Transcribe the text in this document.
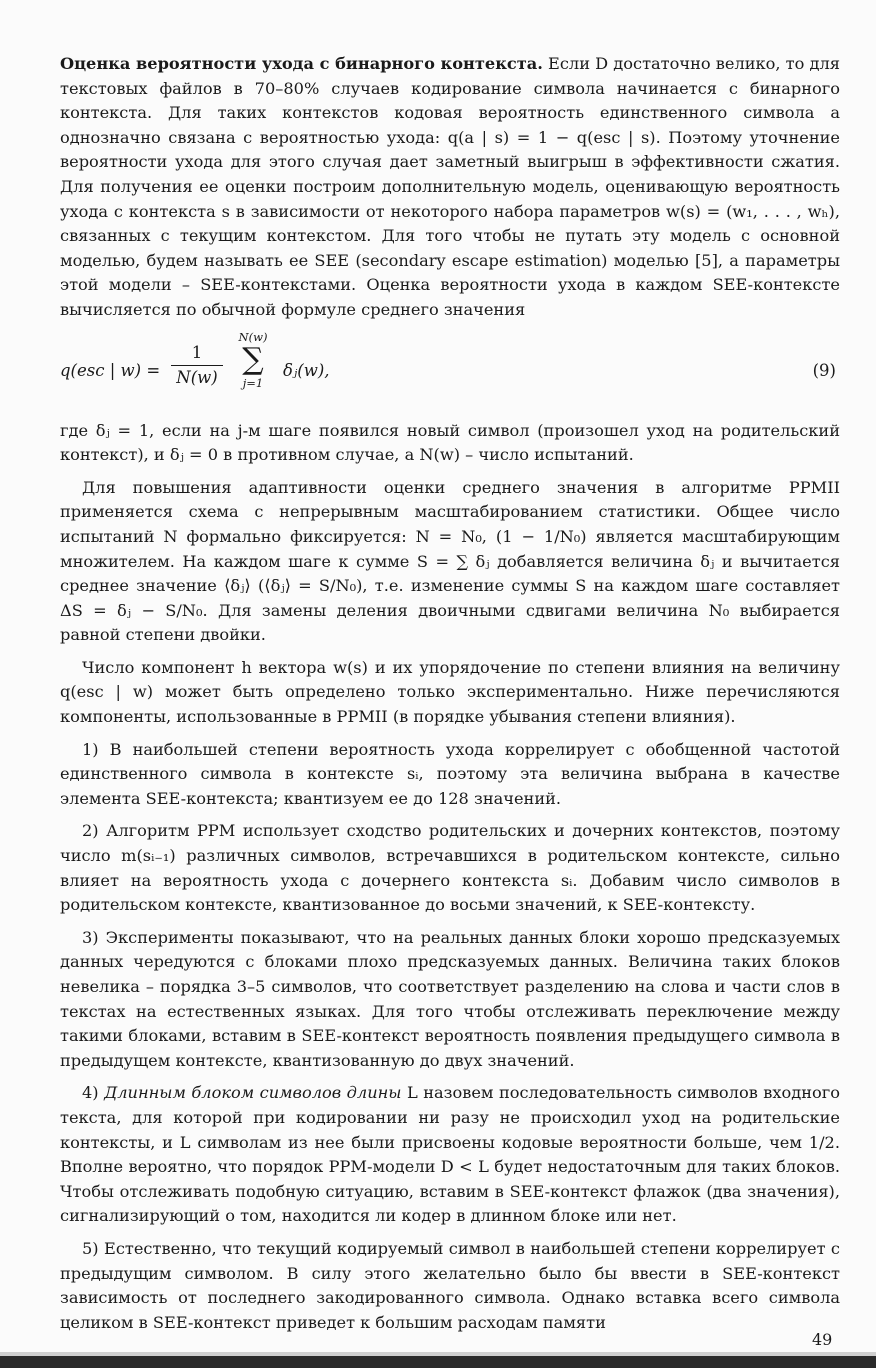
Оценка вероятности ухода с бинарного контекста. Если D достаточно велико, то для текстовых файлов в 70–80% случаев кодирование символа начинается с бинарного контекста. Для таких контекстов кодовая вероятность единственного символа a однозначно связана с вероятностью ухода: q(a | s) = 1 − q(esc | s). Поэтому уточнение вероятности ухода для этого случая дает заметный выигрыш в эффективности сжатия. Для получения ее оценки построим дополнительную модель, оценивающую вероятность ухода с контекста s в зависимости от некоторого набора параметров w(s) = (w₁, . . . , wₕ), связанных с текущим контекстом. Для того чтобы не путать эту модель с основной моделью, будем называть ее SEE (secondary escape estimation) моделью [5], а параметры этой модели – SEE-контекстами. Оценка вероятности ухода в каждом SEE-контексте вычисляется по обычной формуле среднего значения

q(esc | w) =
1
N(w)
N(w)
∑
j=1
δⱼ(w),	(9)

где δⱼ = 1, если на j-м шаге появился новый символ (произошел уход на родительский контекст), и δⱼ = 0 в противном случае, а N(w) – число испытаний.

Для повышения адаптивности оценки среднего значения в алгоритме PPMII применяется схема с непрерывным масштабированием статистики. Общее число испытаний N формально фиксируется: N = N₀, (1 − 1/N₀) является масштабирующим множителем. На каждом шаге к сумме S = ∑ δⱼ добавляется величина δⱼ и вычитается среднее значение ⟨δⱼ⟩ (⟨δⱼ⟩ = S/N₀), т.е. изменение суммы S на каждом шаге составляет ΔS = δⱼ − S/N₀. Для замены деления двоичными сдвигами величина N₀ выбирается равной степени двойки.

Число компонент h вектора w(s) и их упорядочение по степени влияния на величину q(esc | w) может быть определено только экспериментально. Ниже перечисляются компоненты, использованные в PPMII (в порядке убывания степени влияния).

1) В наибольшей степени вероятность ухода коррелирует с обобщенной частотой единственного символа в контексте sᵢ, поэтому эта величина выбрана в качестве элемента SEE-контекста; квантизуем ее до 128 значений.

2) Алгоритм PPM использует сходство родительских и дочерних контекстов, поэтому число m(sᵢ₋₁) различных символов, встречавшихся в родительском контексте, сильно влияет на вероятность ухода с дочернего контекста sᵢ. Добавим число символов в родительском контексте, квантизованное до восьми значений, к SEE-контексту.

3) Эксперименты показывают, что на реальных данных блоки хорошо предсказуемых данных чередуются с блоками плохо предсказуемых данных. Величина таких блоков невелика – порядка 3–5 символов, что соответствует разделению на слова и части слов в текстах на естественных языках. Для того чтобы отслеживать переключение между такими блоками, вставим в SEE-контекст вероятность появления предыдущего символа в предыдущем контексте, квантизованную до двух значений.

4) Длинным блоком символов длины L назовем последовательность символов входного текста, для которой при кодировании ни разу не происходил уход на родительские контексты, и L символам из нее были присвоены кодовые вероятности больше, чем 1/2. Вполне вероятно, что порядок PPM-модели D < L будет недостаточным для таких блоков. Чтобы отслеживать подобную ситуацию, вставим в SEE-контекст флажок (два значения), сигнализирующий о том, находится ли кодер в длинном блоке или нет.

5) Естественно, что текущий кодируемый символ в наибольшей степени коррелирует с предыдущим символом. В силу этого желательно было бы ввести в SEE-контекст зависимость от последнего закодированного символа. Однако вставка всего символа целиком в SEE-контекст приведет к большим расходам памяти

49
